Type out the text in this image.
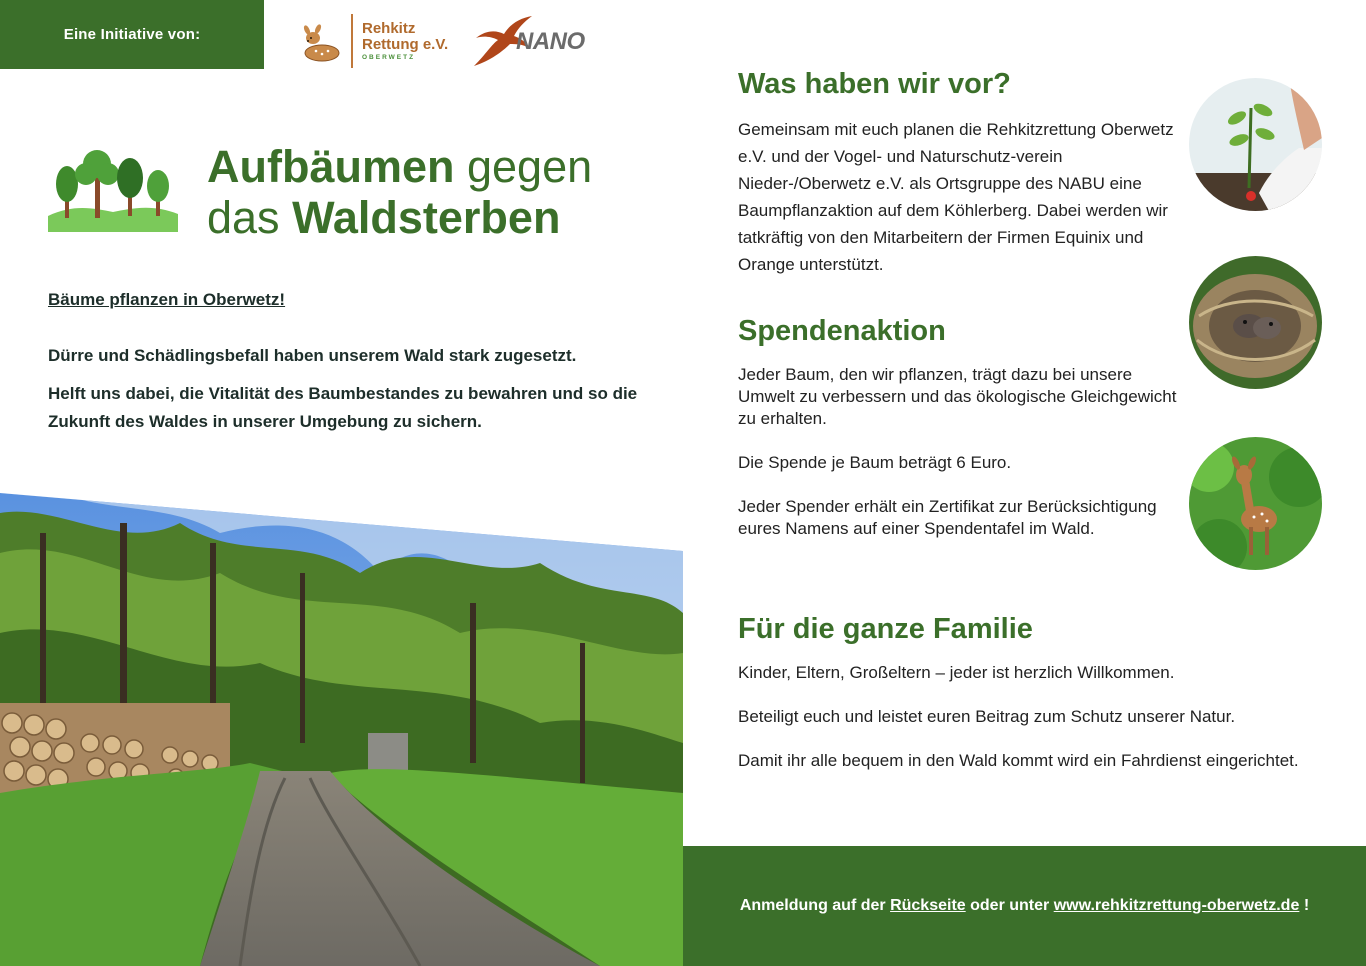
Eine Initiative von:	Rehkitz
Rettung e.V.
OBERWETZ
NANO
Aufbäumen gegen
das Waldsterben
Bäume pflanzen in Oberwetz!
Dürre und Schädlingsbefall haben unserem Wald stark zugesetzt.
Helft uns dabei, die Vitalität des Baumbestandes zu bewahren und so die Zukunft des Waldes in unserer Umgebung zu sichern.
Was haben wir vor?
Gemeinsam mit euch planen die Rehkitzrettung Oberwetz e.V. und der Vogel- und Naturschutz-verein Nieder-/Oberwetz e.V. als Ortsgruppe des NABU eine Baumpflanzaktion auf dem Köhlerberg. Dabei werden wir tatkräftig von den Mitarbeitern der Firmen Equinix und Orange unterstützt.
Spendenaktion
Jeder Baum, den wir pflanzen, trägt dazu bei unsere Umwelt zu verbessern und das ökologische Gleichgewicht zu erhalten.
Die Spende je Baum beträgt 6 Euro.
Jeder Spender erhält ein Zertifikat zur Berücksichtigung eures Namens auf einer Spendentafel im Wald.
Für die ganze Familie
Kinder, Eltern, Großeltern – jeder ist herzlich Willkommen.
Beteiligt euch und leistet euren Beitrag zum Schutz unserer Natur.
Damit ihr alle bequem in den Wald kommt wird ein Fahrdienst eingerichtet.
Anmeldung auf der
Rückseite
oder unter
www.rehkitzrettung-oberwetz.de
!
